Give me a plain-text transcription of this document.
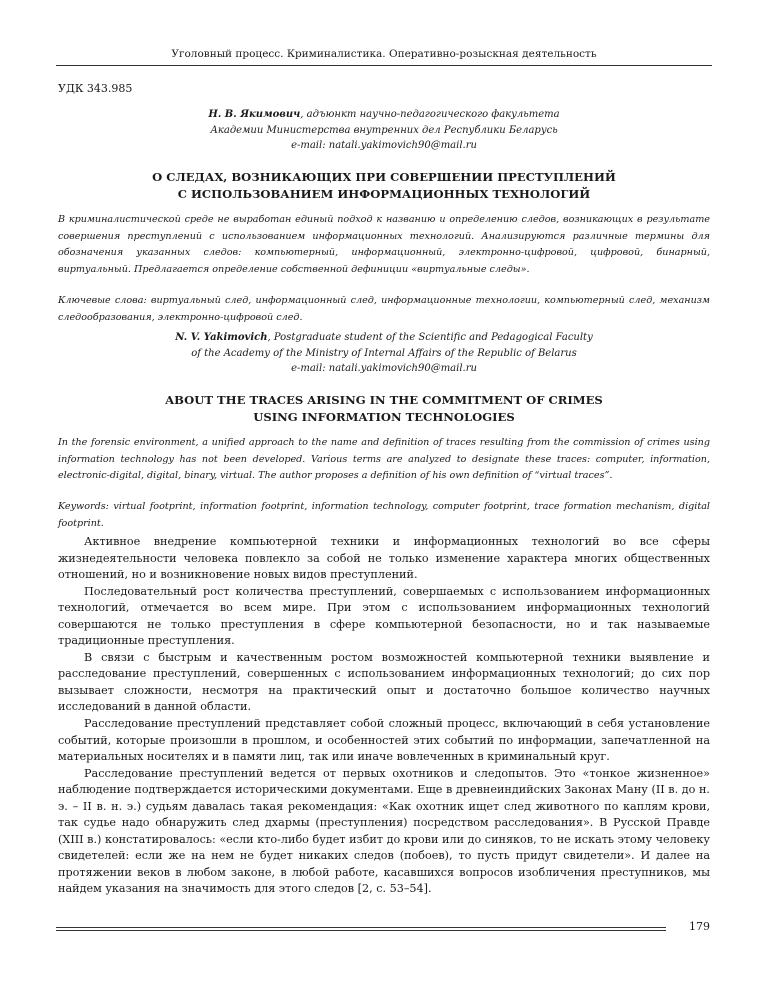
Уголовный процесс. Криминалистика. Оперативно-розыскная деятельность
УДК 343.985
Н. В. Якимович, адъюнкт научно-педагогического факультета
Академии Министерства внутренних дел Республики Беларусь
e-mail: natali.yakimovich90@mail.ru
О СЛЕДАХ, ВОЗНИКАЮЩИХ ПРИ СОВЕРШЕНИИ ПРЕСТУПЛЕНИЙ
С ИСПОЛЬЗОВАНИЕМ ИНФОРМАЦИОННЫХ ТЕХНОЛОГИЙ
В криминалистической среде не выработан единый подход к названию и определению следов, возникающих в результате совершения преступлений с использованием информационных технологий. Анализируются различные термины для обозначения указанных следов: компьютерный, информационный, электронно-цифровой, цифровой, бинарный, виртуальный. Предлагается определение собственной дефиниции «виртуальные следы».
Ключевые слова: виртуальный след, информационный след, информационные технологии, компьютерный след, механизм следообразования, электронно-цифровой след.
N. V. Yakimovich, Postgraduate student of the Scientific and Pedagogical Faculty
of the Academy of the Ministry of Internal Affairs of the Republic of Belarus
e-mail: natali.yakimovich90@mail.ru
ABOUT THE TRACES ARISING IN THE COMMITMENT OF CRIMES
USING INFORMATION TECHNOLOGIES
In the forensic environment, a unified approach to the name and definition of traces resulting from the commission of crimes using information technology has not been developed. Various terms are analyzed to designate these traces: computer, information, electronic-digital, digital, binary, virtual. The author proposes a definition of his own definition of “virtual traces”.
Keywords: virtual footprint, information footprint, information technology, computer footprint, trace formation mechanism, digital footprint.

Активное внедрение компьютерной техники и информационных технологий во все сферы жизнедеятельности человека повлекло за собой не только изменение характера многих общественных отношений, но и возникновение новых видов преступлений.

Последовательный рост количества преступлений, совершаемых с использованием информационных технологий, отмечается во всем мире. При этом с использованием информационных технологий совершаются не только преступления в сфере компьютерной безопасности, но и так называемые традиционные преступления.

В связи с быстрым и качественным ростом возможностей компьютерной техники выявление и расследование преступлений, совершенных с использованием информационных технологий; до сих пор вызывает сложности, несмотря на практический опыт и достаточно большое количество научных исследований в данной области.

Расследование преступлений представляет собой сложный процесс, включающий в себя установление событий, которые произошли в прошлом, и особенностей этих событий по информации, запечатленной на материальных носителях и в памяти лиц, так или иначе вовлеченных в криминальный круг.

Расследование преступлений ведется от первых охотников и следопытов. Это «тонкое жизненное» наблюдение подтверждается историческими документами. Еще в древнеиндийских Законах Ману (II в. до н. э. – II в. н. э.) судьям давалась такая рекомендация: «Как охотник ищет след животного по каплям крови, так судье надо обнаружить след дхармы (преступления) посредством расследования». В Русской Правде (XIII в.) констатировалось: «если кто-либо будет избит до крови или до синяков, то не искать этому человеку свидетелей: если же на нем не будет никаких следов (побоев), то пусть придут свидетели». И далее на протяжении веков в любом законе, в любой работе, касавшихся вопросов изобличения преступников, мы найдем указания на значимость для этого следов [2, с. 53–54].

179
